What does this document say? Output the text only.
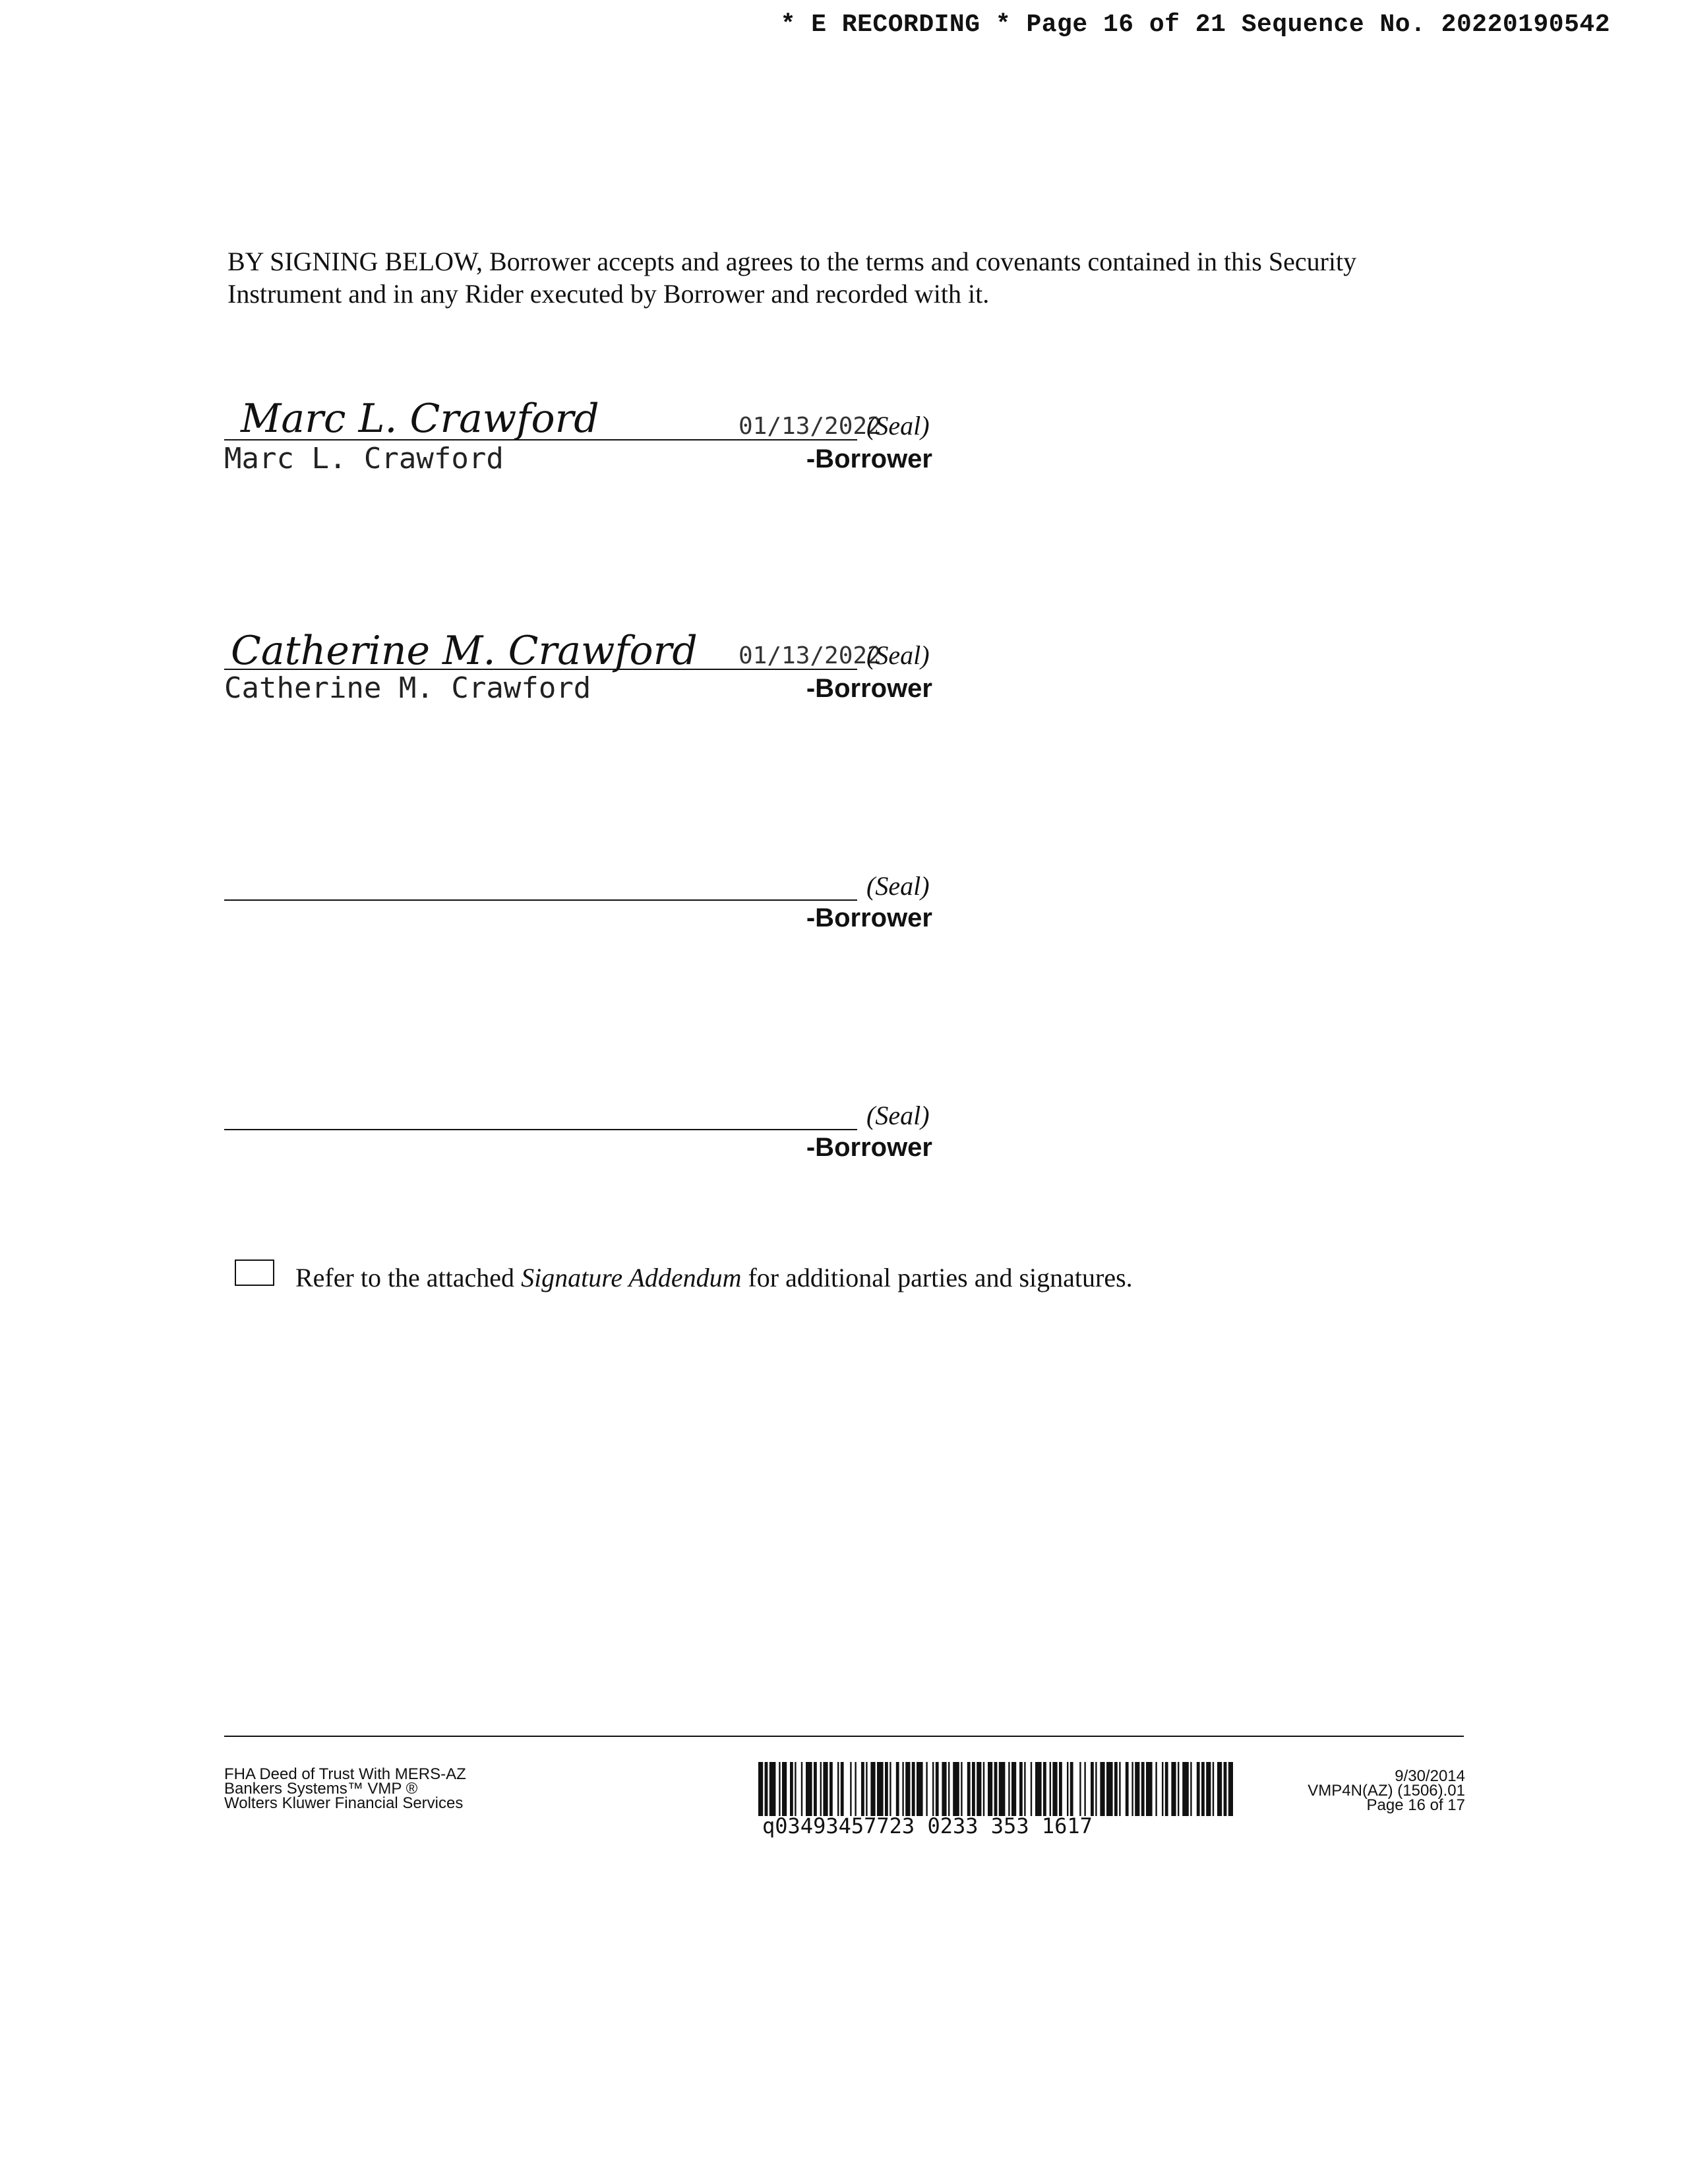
* E RECORDING * Page 16 of 21 Sequence No. 20220190542
BY SIGNING BELOW, Borrower accepts and agrees to the terms and covenants contained in this Security Instrument and in any Rider executed by Borrower and recorded with it.
Marc L. Crawford
Marc L. Crawford
01/13/2022
(Seal)
-Borrower
Catherine M. Crawford
Catherine M. Crawford
01/13/2022
(Seal)
-Borrower
(Seal)
-Borrower
(Seal)
-Borrower
Refer to the attached Signature Addendum for additional parties and signatures.
FHA Deed of Trust With MERS-AZ
Bankers Systems™ VMP ®
Wolters Kluwer Financial Services
q03493457723 0233 353 1617
9/30/2014
VMP4N(AZ) (1506).01
Page 16 of 17
